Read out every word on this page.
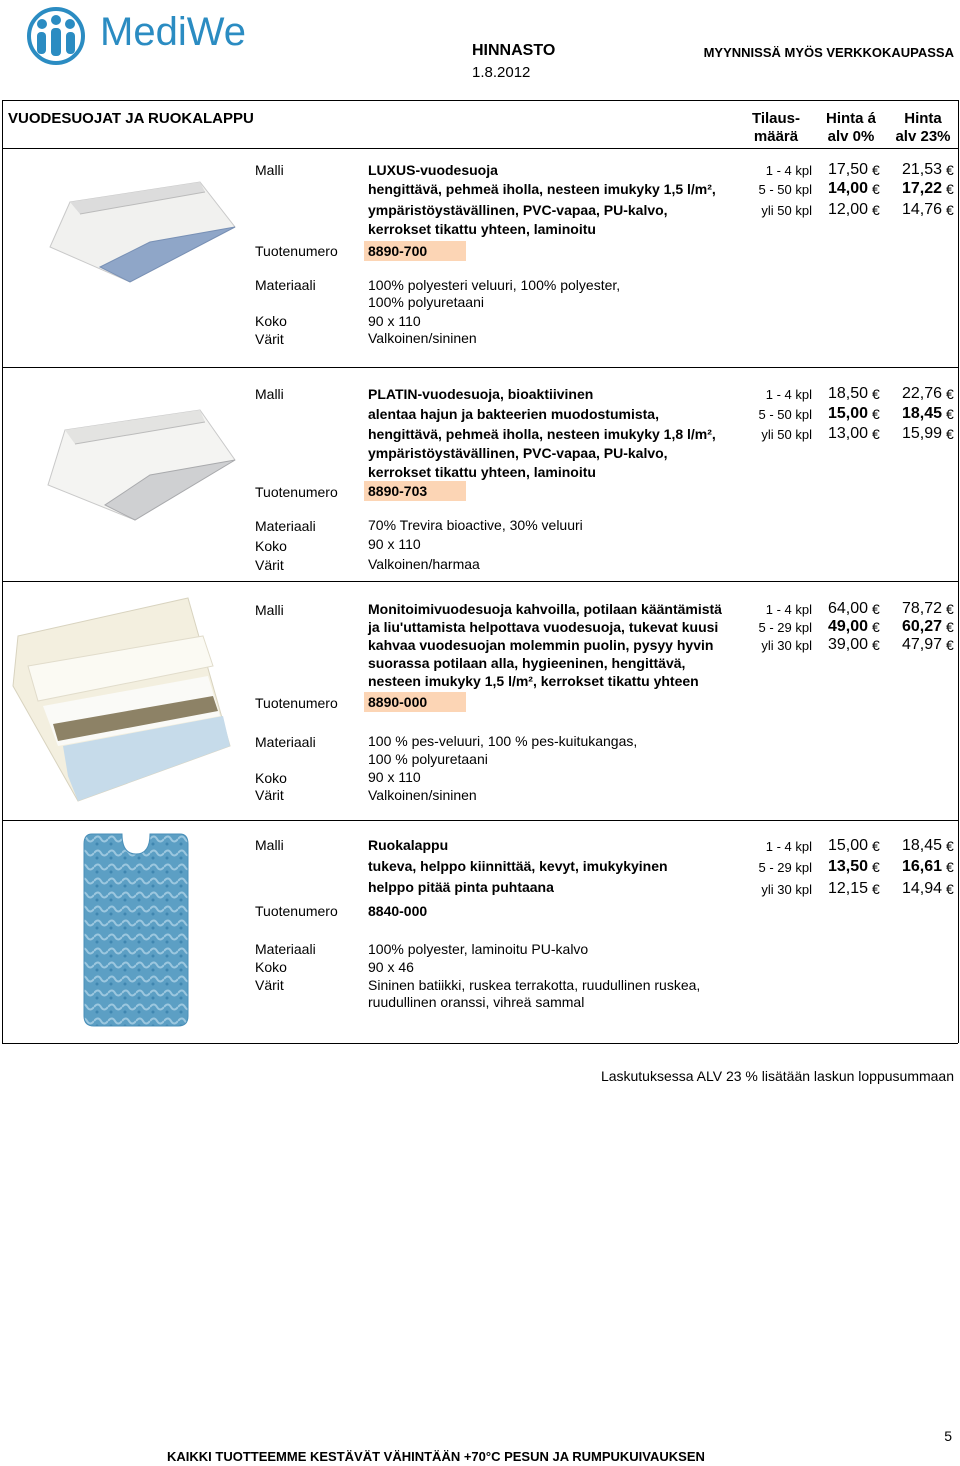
MediWe	HINNASTO
1.8.2012
MYYNNISSÄ MYÖS VERKKOKAUPASSA
VUODESUOJAT JA RUOKALAPPU	Tilaus-
määrä
Hinta á
alv 0%
Hinta
alv 23%
Malli	LUXUS-vuodesuoja
hengittävä, pehmeä iholla, nesteen imukyky 1,5 l/m²,
ympäristöystävällinen, PVC-vapaa, PU-kalvo,
kerrokset tikattu yhteen, laminoitu
Tuotenumero 8890-700
Materiaali	100% polyesteri veluuri, 100% polyester,
100% polyuretaani
Koko	90 x 110
Värit	Valkoinen/sininen
1 - 4 kpl 17,50 €	21,53 €
5 - 50 kpl 14,00 €	17,22 €
yli 50 kpl 12,00 €	14,76 €
Malli	PLATIN-vuodesuoja, bioaktiivinen
alentaa hajun ja bakteerien muodostumista,
hengittävä, pehmeä iholla, nesteen imukyky 1,8 l/m²,
ympäristöystävällinen, PVC-vapaa, PU-kalvo,
kerrokset tikattu yhteen, laminoitu
Tuotenumero 8890-703
Materiaali	70% Trevira bioactive, 30% veluuri
Koko	90 x 110
Värit	Valkoinen/harmaa
1 - 4 kpl 18,50 €	22,76 €
5 - 50 kpl 15,00 €	18,45 €
yli 50 kpl 13,00 €	15,99 €
Malli	Monitoimivuodesuoja kahvoilla, potilaan kääntämistä
ja liu'uttamista helpottava vuodesuoja, tukevat kuusi
kahvaa vuodesuojan molemmin puolin, pysyy hyvin
suorassa potilaan alla, hygieeninen, hengittävä,
nesteen imukyky 1,5 l/m², kerrokset tikattu yhteen
Tuotenumero 8890-000
Materiaali	100 % pes-veluuri, 100 % pes-kuitukangas,
100 % polyuretaani
Koko	90 x 110
Värit	Valkoinen/sininen
1 - 4 kpl 64,00 €	78,72 €
5 - 29 kpl 49,00 €	60,27 €
yli 30 kpl 39,00 €	47,97 €
Malli	Ruokalappu
tukeva, helppo kiinnittää, kevyt, imukykyinen
helppo pitää pinta puhtaana
Tuotenumero 8840-000
Materiaali	100% polyester, laminoitu PU-kalvo
Koko	90 x 46
Värit	Sininen batiikki, ruskea terrakotta, ruudullinen ruskea,
ruudullinen oranssi, vihreä sammal
1 - 4 kpl 15,00 €	18,45 €
5 - 29 kpl 13,50 €	16,61 €
yli 30 kpl 12,15 €	14,94 €
Laskutuksessa ALV 23 % lisätään laskun loppusummaan
5
KAIKKI TUOTTEEMME KESTÄVÄT VÄHINTÄÄN +70°C PESUN JA RUMPUKUIVAUKSEN
